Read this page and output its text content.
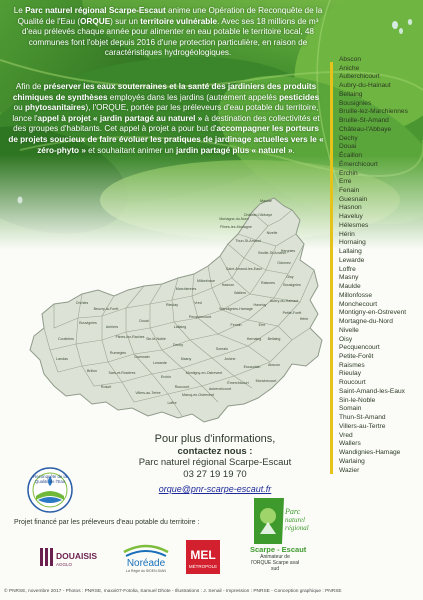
Le Parc naturel régional Scarpe-Escaut anime une Opération de Reconquête de la Qualité de l'Eau (ORQUE) sur un territoire vulnérable. Avec ses 18 millions de m³ d'eau prélevés chaque année pour alimenter en eau potable le territoire local, 48 communes font l'objet depuis 2016 d'une protection particulière, en raison de caractéristiques hydrogéologiques.

Afin de préserver les eaux souterraines et la santé des jardiniers des produits chimiques de synthèses employés dans les jardins (autrement appelés pesticides ou phytosanitaires), l'ORQUE, portée par les préleveurs d'eau potable du territoire, lance l'appel à projet « jardin partagé au naturel » à destination des collectivités et des groupes d'habitants. Cet appel à projet a pour but d'accompagner les porteurs de projets soucieux de faire évoluer les pratiques de jardinage actuelles vers le « zéro-phyto » et souhaitant animer un jardin partagé plus « naturel ».

Abscon
Aniche
Auberchicourt
Aubry-du-Hainaut
Bellaing
Bousignies
Bruille-lez-Marchiennes
Bruille-St-Amand
Château-l'Abbaye
Dechy
Douai
Écaillon
Émerchicourt
Erchin
Erre
Fenain
Guesnain
Hasnon
Haveluy
Hélesmes
Hérin
Hornaing
Lallaing
Lewarde
Loffre
Masny
Maulde
Millonfosse
Monchecourt
Montigny-en-Ostrevent
Mortagne-du-Nord
Nivelle
Oisy
Pecquencourt
Petite-Forêt
Raismes
Rieulay
Roucourt
Saint-Amand-les-Eaux
Sin-le-Noble
Somain
Thun-St-Amand
Villers-au-Tertre
Vred
Wallers
Wandignies-Hamage
Warlaing
Wazier
Mortagne-du-Nord
Château-l'Abbaye
Flines-lez-Mortagne
Thun-St-Amand
Nivelle
Bruille-St-Amand
Hergnies
Odomez
Saint-Amand-les-Eaux
Raismes
Wallers
Haveluy
Hasnon
Millonfosse
Marchiennes
Rieulay	Vred
Pecquencourt
Lallaing
Douai
Sin-le-Noble
Dechy
Guesnain
Lewarde
Masny
Montigny-en-Ostrevent
Somain
Fenain	Erre
Hornaing
Wandignies-Hamage
Abscon
Escaudain
Aniche
Auberchicourt
Émerchicourt Monchecourt
Marcq-en-Ostrevent
Roucourt
Erchin
Loffre
Villers-au-Tertre
Flines-lez-Raches
Anhiers
Bouvignies
Orchies
Beuvry-la-Forêt
Coutiches
Landas
Rumegies
Brillon	Sars-et-Rosières
Rosult
Bousignies
Aubry-du-Hainaut
Petite-Forêt
Hérin
Oisy
Bellaing
Maulde
Reconquête de la Qualité de l'Eau
Pour plus d'informations,
contactez nous :
Parc naturel régional Scarpe-Escaut
03 27 19 19 70
orque@pnr-scarpe-escaut.fr
Parc
naturel
régional
Scarpe - Escaut
Animateur de l'ORQUE Scarpe aval sud
Projet financé par les préleveurs d'eau potable du territoire :
DOUAISIS
AGGLO	Noréade
La Régie du SIDEN-SIAN
MEL
MÉTROPOLE
© PNRSE, novembre 2017 - Photos : PNRSE, maxxi07-Fotolia, Samuel Dhote - Illustrations : J. Senail - Impression : PNRSE - Conception graphique : PNRSE
